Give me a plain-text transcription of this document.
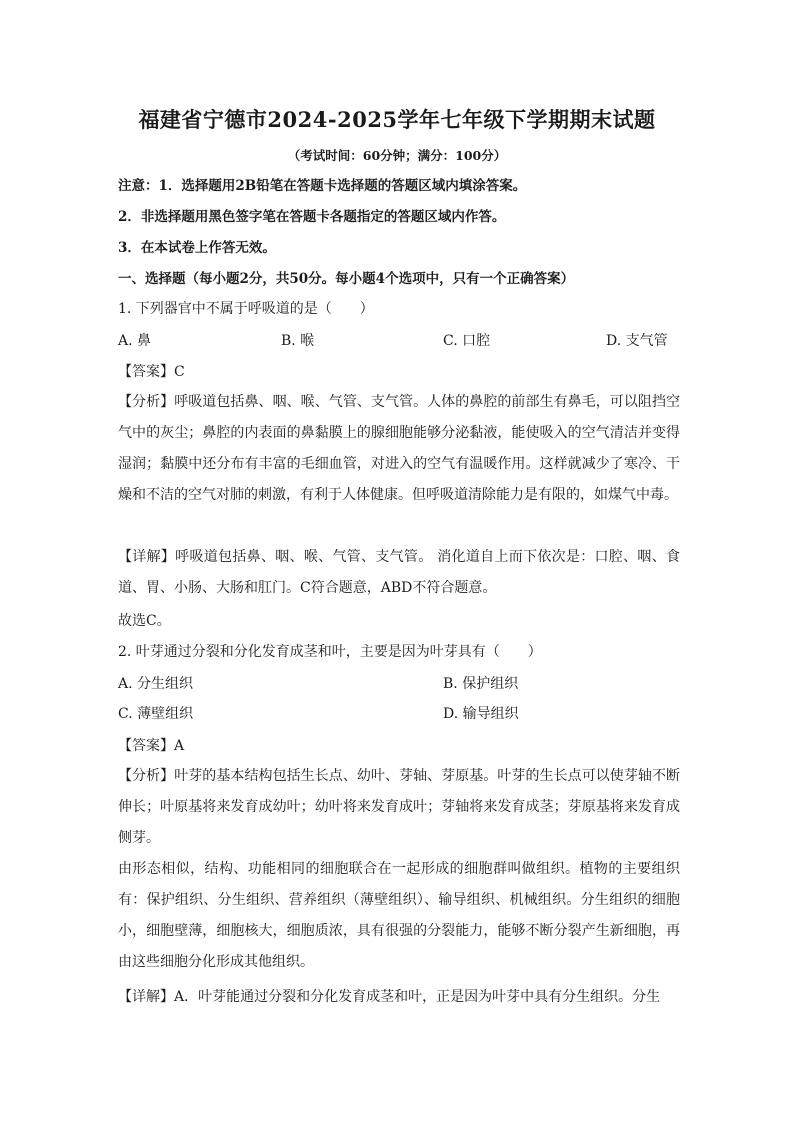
福建省宁德市2024-2025学年七年级下学期期末试题
（考试时间：60分钟；满分：100分）
注意：1．选择题用2B铅笔在答题卡选择题的答题区域内填涂答案。
2．非选择题用黑色签字笔在答题卡各题指定的答题区域内作答。
3．在本试卷上作答无效。
一、选择题（每小题2分，共50分。每小题4个选项中，只有一个正确答案）
1. 下列器官中不属于呼吸道的是（　　）
A. 鼻	B. 喉	C. 口腔	D. 支气管
【答案】C
【分析】呼吸道包括鼻、咽、喉、气管、支气管。人体的鼻腔的前部生有鼻毛，可以阻挡空气中的灰尘；鼻腔的内表面的鼻黏膜上的腺细胞能够分泌黏液，能使吸入的空气清洁并变得湿润；黏膜中还分布有丰富的毛细血管，对进入的空气有温暖作用。这样就减少了寒冷、干燥和不洁的空气对肺的刺激，有利于人体健康。但呼吸道清除能力是有限的，如煤气中毒。
【详解】呼吸道包括鼻、咽、喉、气管、支气管。 消化道自上而下依次是：口腔、咽、食道、胃、小肠、大肠和肛门。C符合题意，ABD不符合题意。
故选C。
2. 叶芽通过分裂和分化发育成茎和叶，主要是因为叶芽具有（　　）
A. 分生组织	B. 保护组织
C. 薄壁组织	D. 输导组织
【答案】A
【分析】叶芽的基本结构包括生长点、幼叶、芽轴、芽原基。叶芽的生长点可以使芽轴不断伸长；叶原基将来发育成幼叶；幼叶将来发育成叶；芽轴将来发育成茎；芽原基将来发育成侧芽。
由形态相似，结构、功能相同的细胞联合在一起形成的细胞群叫做组织。植物的主要组织有：保护组织、分生组织、营养组织（薄壁组织）、输导组织、机械组织。分生组织的细胞小，细胞壁薄，细胞核大，细胞质浓，具有很强的分裂能力，能够不断分裂产生新细胞，再由这些细胞分化形成其他组织。
【详解】A．叶芽能通过分裂和分化发育成茎和叶，正是因为叶芽中具有分生组织。分生
